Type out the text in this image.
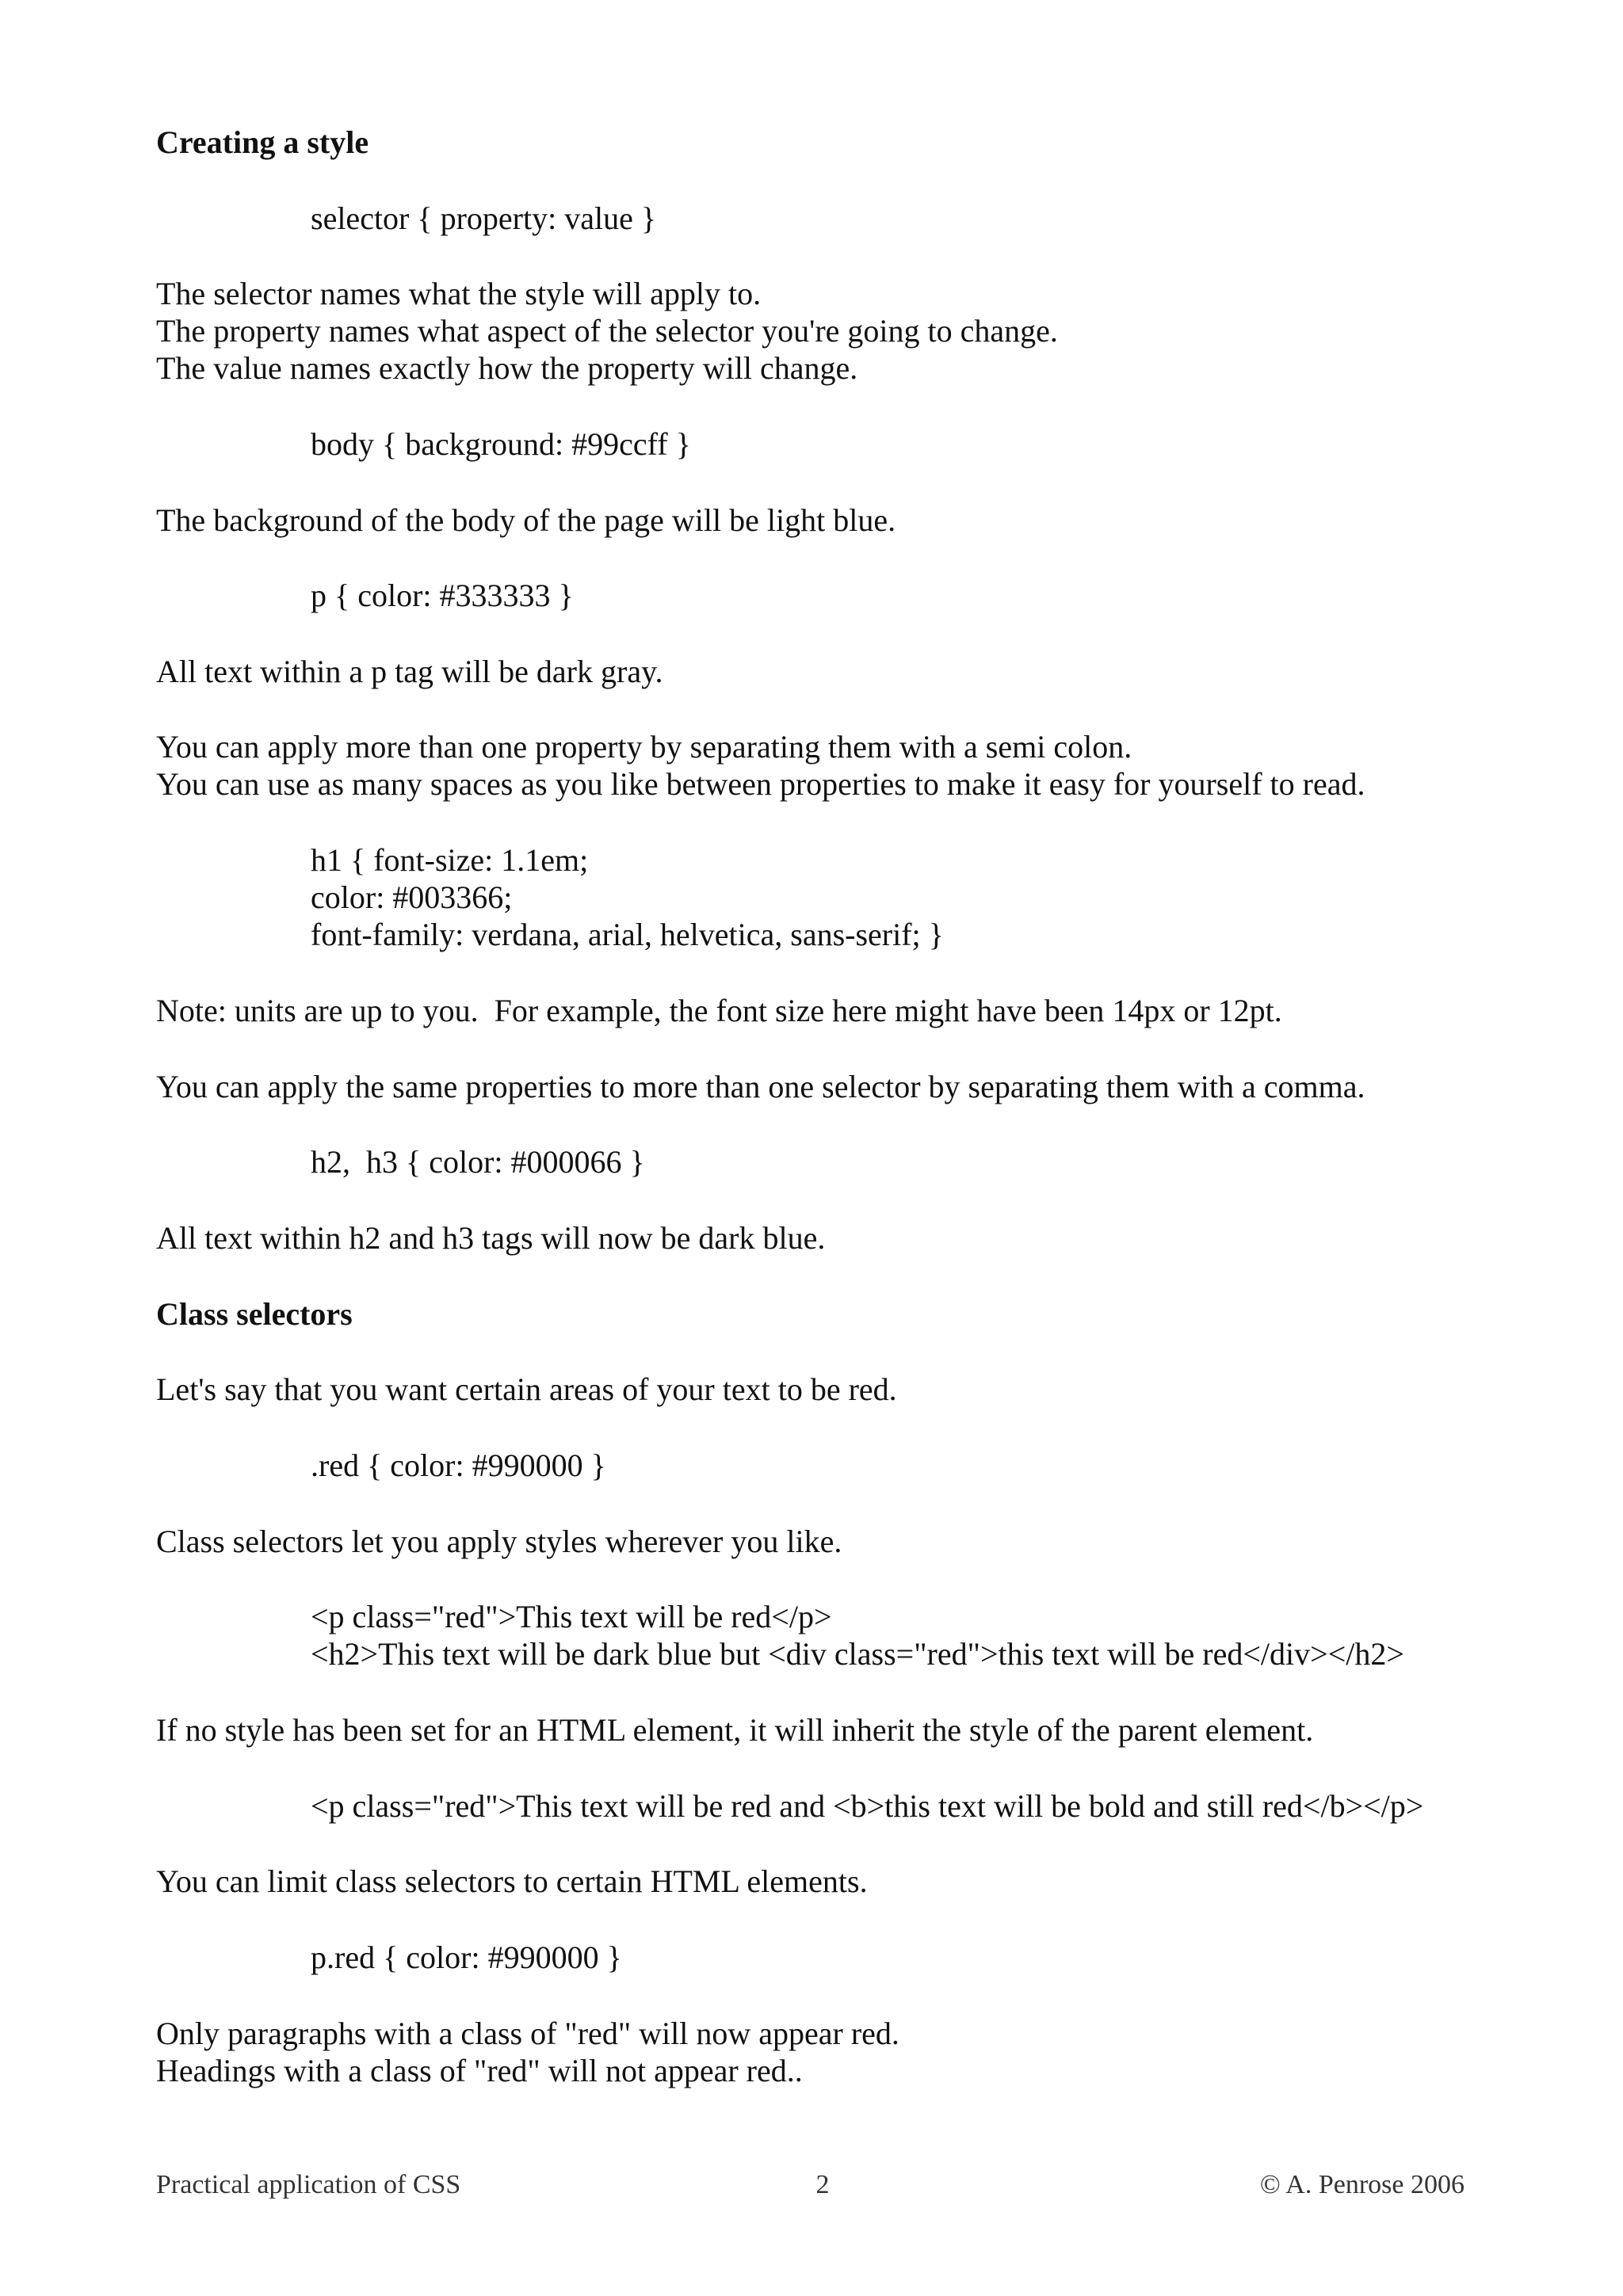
Creating a style
selector { property: value }
The selector names what the style will apply to.
The property names what aspect of the selector you're going to change.
The value names exactly how the property will change.
body { background: #99ccff }
The background of the body of the page will be light blue.
p { color: #333333 }
All text within a p tag will be dark gray.
You can apply more than one property by separating them with a semi colon.
You can use as many spaces as you like between properties to make it easy for yourself to read.
h1 { font-size: 1.1em;
color: #003366;
font-family: verdana, arial, helvetica, sans-serif; }
Note: units are up to you.  For example, the font size here might have been 14px or 12pt.
You can apply the same properties to more than one selector by separating them with a comma.
h2,  h3 { color: #000066 }
All text within h2 and h3 tags will now be dark blue.
Class selectors
Let's say that you want certain areas of your text to be red.
.red { color: #990000 }
Class selectors let you apply styles wherever you like.
<p class="red">This text will be red</p>
<h2>This text will be dark blue but <div class="red">this text will be red</div></h2>
If no style has been set for an HTML element, it will inherit the style of the parent element.
<p class="red">This text will be red and <b>this text will be bold and still red</b></p>
You can limit class selectors to certain HTML elements.
p.red { color: #990000 }
Only paragraphs with a class of "red" will now appear red.
Headings with a class of "red" will not appear red..
Practical application of CSS	2	© A. Penrose 2006
